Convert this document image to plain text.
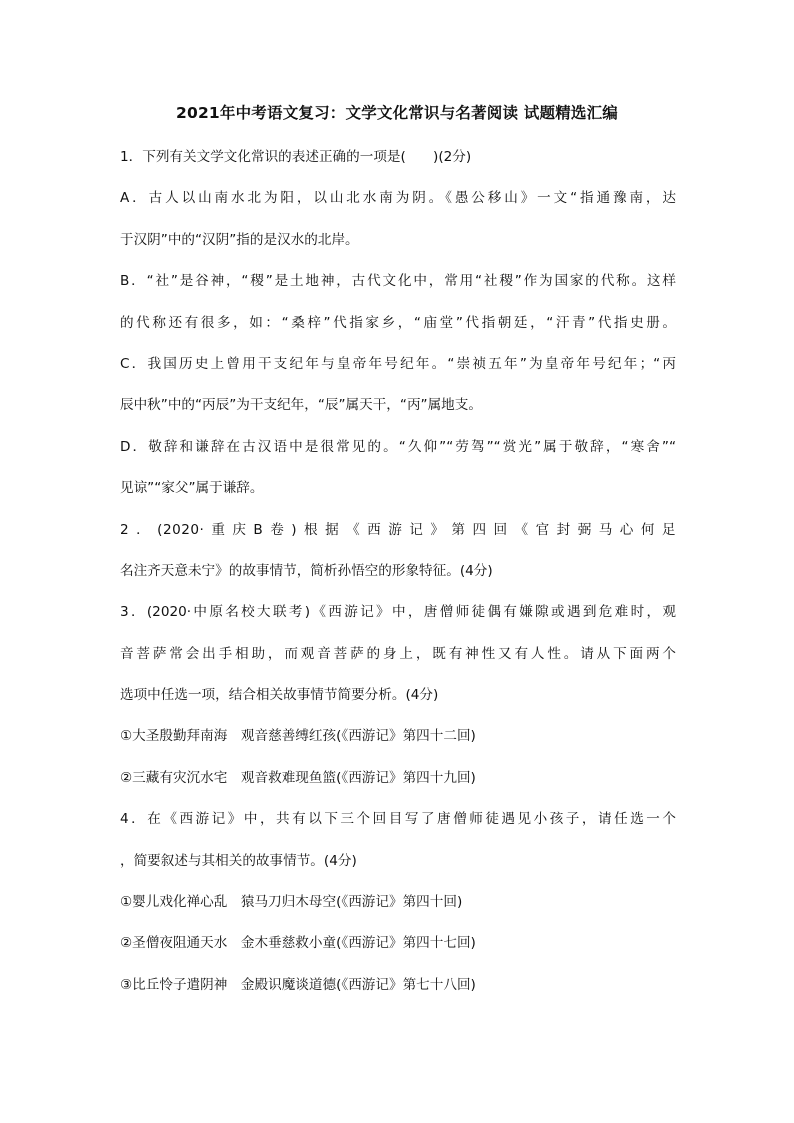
2021年中考语文复习：文学文化常识与名著阅读 试题精选汇编
1．下列有关文学文化常识的表述正确的一项是(　　)(2分)
A．古人以山南水北为阳，以山北水南为阴。《愚公移山》一文“指通豫南，达
于汉阴”中的“汉阴”指的是汉水的北岸。
B．“社”是谷神，“稷”是土地神，古代文化中，常用“社稷”作为国家的代称。这样
的代称还有很多，如：“桑梓”代指家乡，“庙堂”代指朝廷，“汗青”代指史册。
C．我国历史上曾用干支纪年与皇帝年号纪年。“崇祯五年”为皇帝年号纪年；“丙
辰中秋”中的“丙辰”为干支纪年，“辰”属天干，“丙”属地支。
D．敬辞和谦辞在古汉语中是很常见的。“久仰”“劳驾”“赏光”属于敬辞，“寒舍”“
见谅”“家父”属于谦辞。
2．(2020·重庆B卷)根据《西游记》第四回《官封弼马心何足
名注齐天意未宁》的故事情节，简析孙悟空的形象特征。(4分)
3．(2020·中原名校大联考)《西游记》中，唐僧师徒偶有嫌隙或遇到危难时，观
音菩萨常会出手相助，而观音菩萨的身上，既有神性又有人性。请从下面两个
选项中任选一项，结合相关故事情节简要分析。(4分)
①大圣殷勤拜南海　观音慈善缚红孩(《西游记》第四十二回)
②三藏有灾沉水宅　观音救难现鱼篮(《西游记》第四十九回)
4．在《西游记》中，共有以下三个回目写了唐僧师徒遇见小孩子，请任选一个
，简要叙述与其相关的故事情节。(4分)
①婴儿戏化禅心乱　猿马刀归木母空(《西游记》第四十回)
②圣僧夜阻通天水　金木垂慈救小童(《西游记》第四十七回)
③比丘怜子遣阴神　金殿识魔谈道德(《西游记》第七十八回)
